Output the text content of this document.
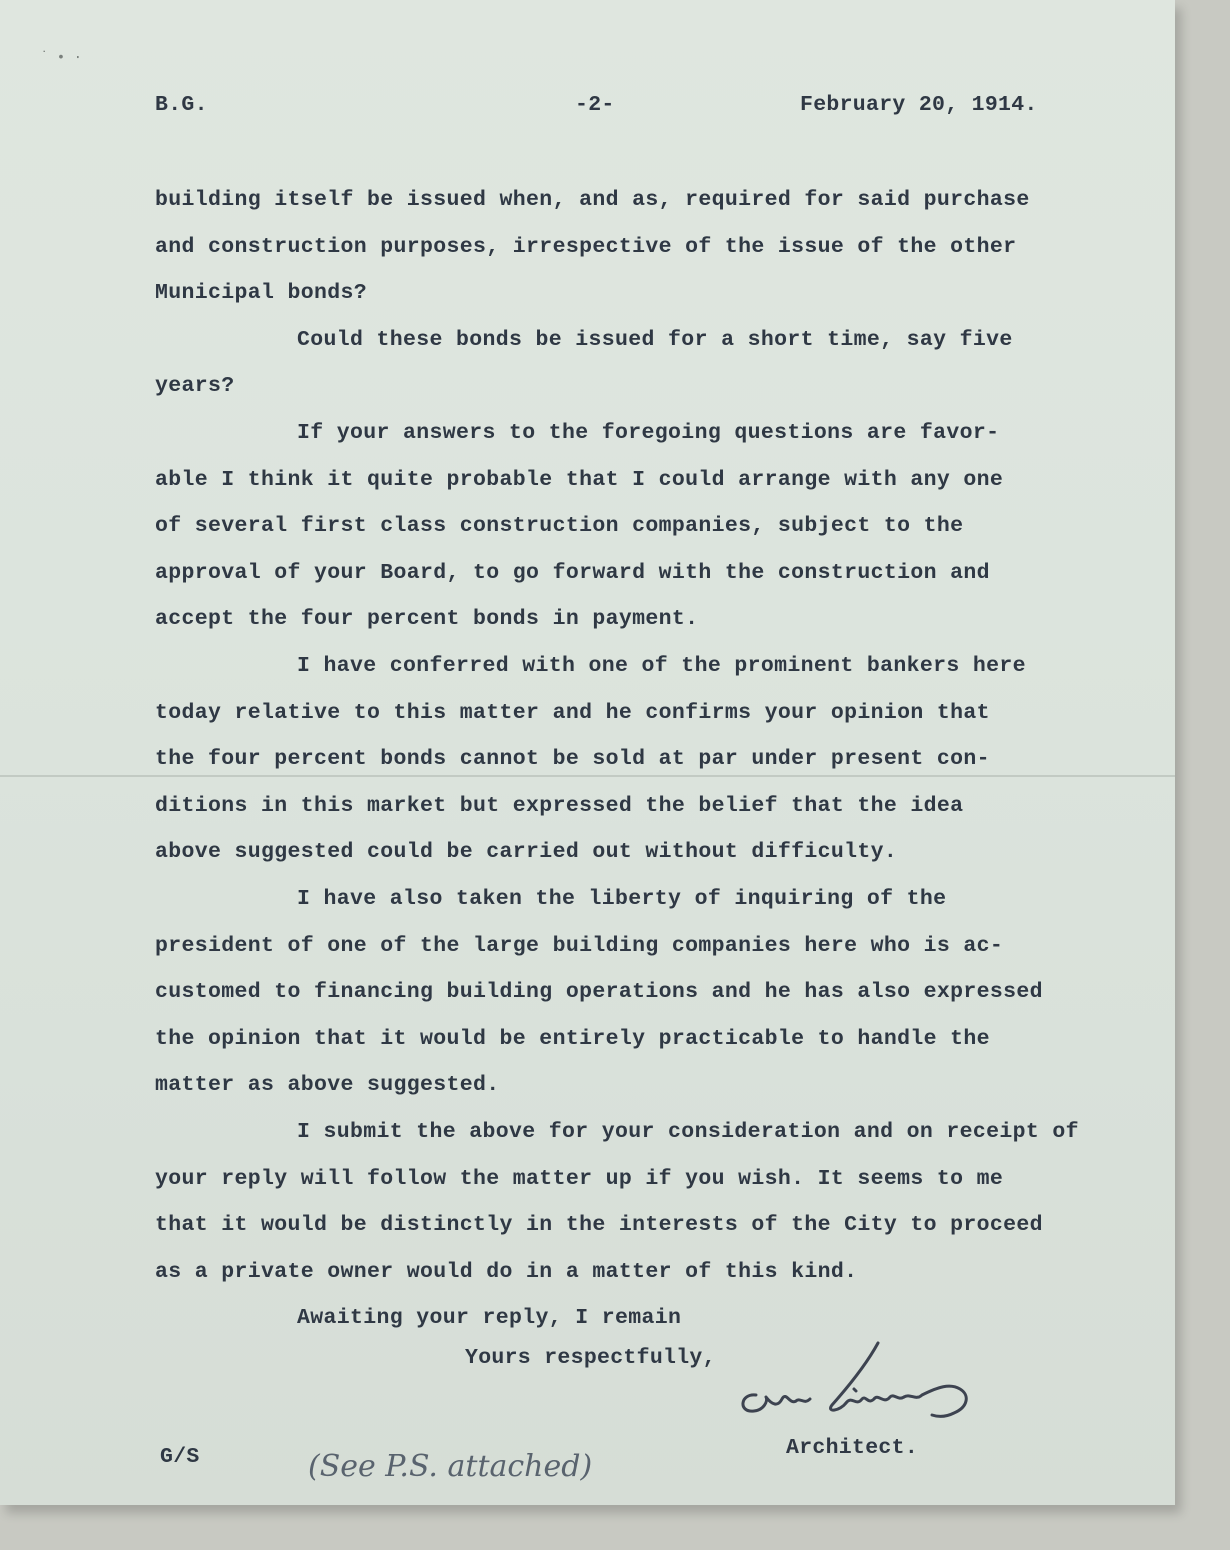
˙ • ∙
B.G.	-2-	February 20, 1914.
building itself be issued when, and as, required for said purchase
and construction purposes, irrespective of the issue of the other
Municipal bonds?
Could these bonds be issued for a short time, say five
years?
If your answers to the foregoing questions are favor-
able I think it quite probable that I could arrange with any one
of several first class construction companies, subject to the
approval of your Board, to go forward with the construction and
accept the four percent bonds in payment.
I have conferred with one of the prominent bankers here
today relative to this matter and he confirms your opinion that
the four percent bonds cannot be sold at par under present con-
ditions in this market but expressed the belief that the idea
above suggested could be carried out without difficulty.
I have also taken the liberty of inquiring of the
president of one of the large building companies here who is ac-
customed to financing building operations and he has also expressed
the opinion that it would be entirely practicable to handle the
matter as above suggested.
I submit the above for your consideration and on receipt of
your reply will follow the matter up if you wish. It seems to me
that it would be distinctly in the interests of the City to proceed
as a private owner would do in a matter of this kind.
Awaiting your reply, I remain
Yours respectfully,
Architect.
G/S	(See P.S. attached)
